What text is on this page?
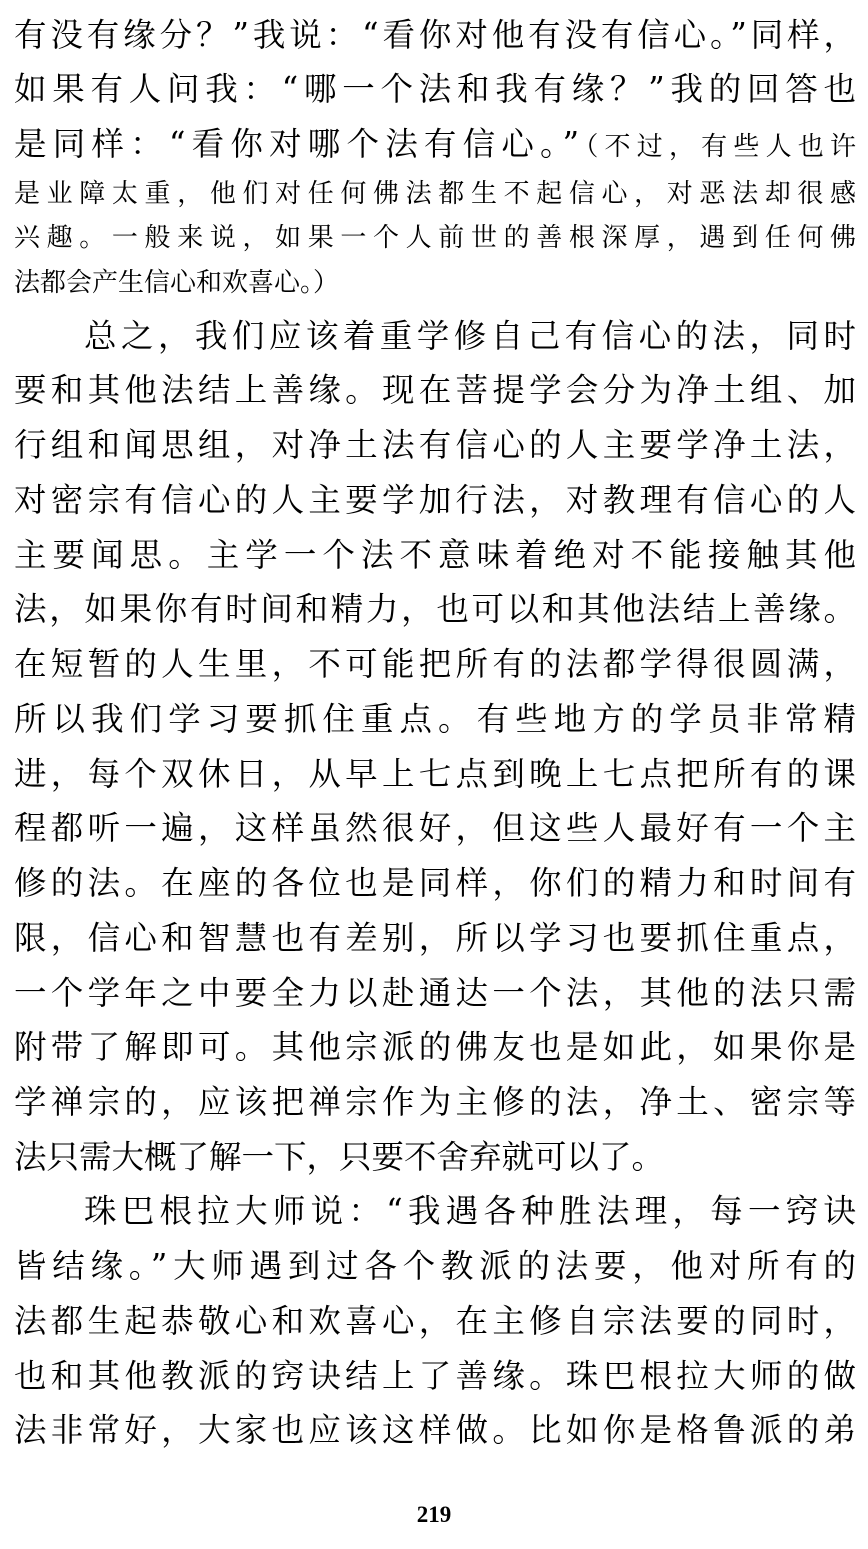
有没有缘分？”我说：“看你对他有没有信心。”同样，
如果有人问我：“哪一个法和我有缘？”我的回答也
是同样：“看你对哪个法有信心。”（不过，有些人也许
是业障太重，他们对任何佛法都生不起信心，对恶法却很感
兴趣。一般来说，如果一个人前世的善根深厚，遇到任何佛
法都会产生信心和欢喜心。）
总之，我们应该着重学修自己有信心的法，同时
要和其他法结上善缘。现在菩提学会分为净土组、加
行组和闻思组，对净土法有信心的人主要学净土法，
对密宗有信心的人主要学加行法，对教理有信心的人
主要闻思。主学一个法不意味着绝对不能接触其他
法，如果你有时间和精力，也可以和其他法结上善缘。
在短暂的人生里，不可能把所有的法都学得很圆满，
所以我们学习要抓住重点。有些地方的学员非常精
进，每个双休日，从早上七点到晚上七点把所有的课
程都听一遍，这样虽然很好，但这些人最好有一个主
修的法。在座的各位也是同样，你们的精力和时间有
限，信心和智慧也有差别，所以学习也要抓住重点，
一个学年之中要全力以赴通达一个法，其他的法只需
附带了解即可。其他宗派的佛友也是如此，如果你是
学禅宗的，应该把禅宗作为主修的法，净土、密宗等
法只需大概了解一下，只要不舍弃就可以了。
珠巴根拉大师说：“我遇各种胜法理，每一窍诀
皆结缘。”大师遇到过各个教派的法要，他对所有的
法都生起恭敬心和欢喜心，在主修自宗法要的同时，
也和其他教派的窍诀结上了善缘。珠巴根拉大师的做
法非常好，大家也应该这样做。比如你是格鲁派的弟
219
